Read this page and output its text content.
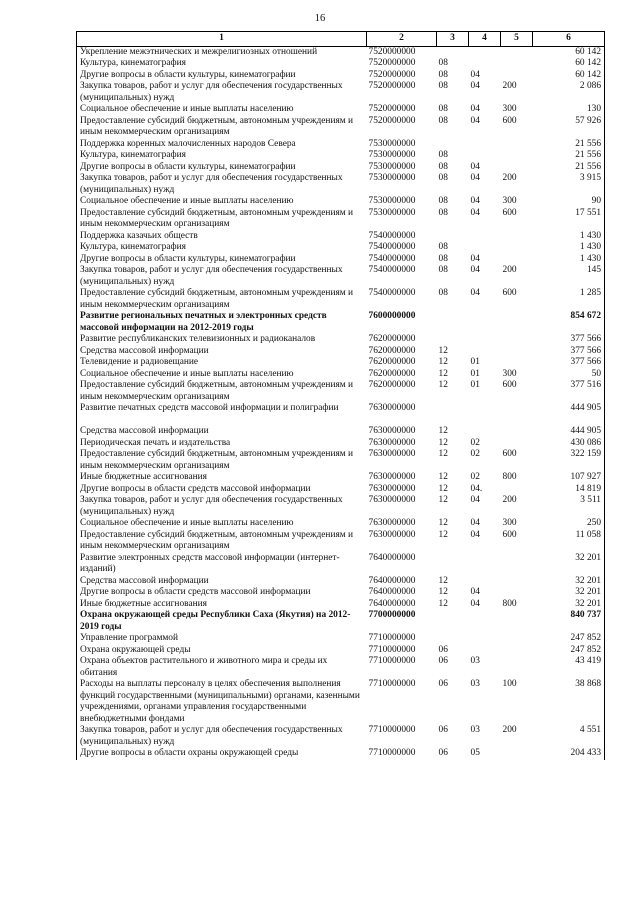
16
1	2	3	4	5	6
Укрепление межэтнических и межрелигиозных отношений	7520000000				60 142
Культура, кинематография	7520000000	08			60 142
Другие вопросы в области культуры, кинематографии	7520000000	08	04		60 142
Закупка товаров, работ и услуг для обеспечения государственных (муниципальных) нужд	7520000000	08	04	200	2 086
Социальное обеспечение и иные выплаты населению	7520000000	08	04	300	130
Предоставление субсидий бюджетным, автономным учреждениям и иным некоммерческим организациям	7520000000	08	04	600	57 926
Поддержка коренных малочисленных народов Севера	7530000000				21 556
Культура, кинематография	7530000000	08			21 556
Другие вопросы в области культуры, кинематографии	7530000000	08	04		21 556
Закупка товаров, работ и услуг для обеспечения государственных (муниципальных) нужд	7530000000	08	04	200	3 915
Социальное обеспечение и иные выплаты населению	7530000000	08	04	300	90
Предоставление субсидий бюджетным, автономным учреждениям и иным некоммерческим организациям	7530000000	08	04	600	17 551
Поддержка казачьих обществ	7540000000				1 430
Культура, кинематография	7540000000	08			1 430
Другие вопросы в области культуры, кинематографии	7540000000	08	04		1 430
Закупка товаров, работ и услуг для обеспечения государственных (муниципальных) нужд	7540000000	08	04	200	145
Предоставление субсидий бюджетным, автономным учреждениям и иным некоммерческим организациям	7540000000	08	04	600	1 285
Развитие региональных печатных и электронных средств массовой информации на 2012-2019 годы	7600000000				854 672
Развитие республиканских телевизионных и радиоканалов	7620000000				377 566
Средства массовой информации	7620000000	12			377 566
Телевидение и радиовещание	7620000000	12	01		377 566
Социальное обеспечение и иные выплаты населению	7620000000	12	01	300	50
Предоставление субсидий бюджетным, автономным учреждениям и иным некоммерческим организациям	7620000000	12	01	600	377 516
Развитие печатных средств массовой информации и полиграфии	7630000000				444 905

Средства массовой информации	7630000000	12			444 905
Периодическая печать и издательства	7630000000	12	02		430 086
Предоставление субсидий бюджетным, автономным учреждениям и иным некоммерческим организациям	7630000000	12	02	600	322 159
Иные бюджетные ассигнования	7630000000	12	02	800	107 927
Другие вопросы в области средств массовой информации	7630000000	12	04.		14 819
Закупка товаров, работ и услуг для обеспечения государственных (муниципальных) нужд	7630000000	12	04	200	3 511
Социальное обеспечение и иные выплаты населению	7630000000	12	04	300	250
Предоставление субсидий бюджетным, автономным учреждениям и иным некоммерческим организациям	7630000000	12	04	600	11 058
Развитие электронных средств массовой информации (интернет-изданий)	7640000000				32 201
Средства массовой информации	7640000000	12			32 201
Другие вопросы в области средств массовой информации	7640000000	12	04		32 201
Иные бюджетные ассигнования	7640000000	12	04	800	32 201
Охрана окружающей среды Республики Саха (Якутия) на 2012-2019 годы	7700000000				840 737
Управление программой	7710000000				247 852
Охрана окружающей среды	7710000000	06			247 852
Охрана объектов растительного и животного мира и среды их обитания	7710000000	06	03		43 419
Расходы на выплаты персоналу в целях обеспечения выполнения функций государственными (муниципальными) органами, казенными учреждениями, органами управления государственными внебюджетными фондами	7710000000	06	03	100	38 868
Закупка товаров, работ и услуг для обеспечения государственных (муниципальных) нужд	7710000000	06	03	200	4 551
Другие вопросы в области охраны окружающей среды	7710000000	06	05		204 433
